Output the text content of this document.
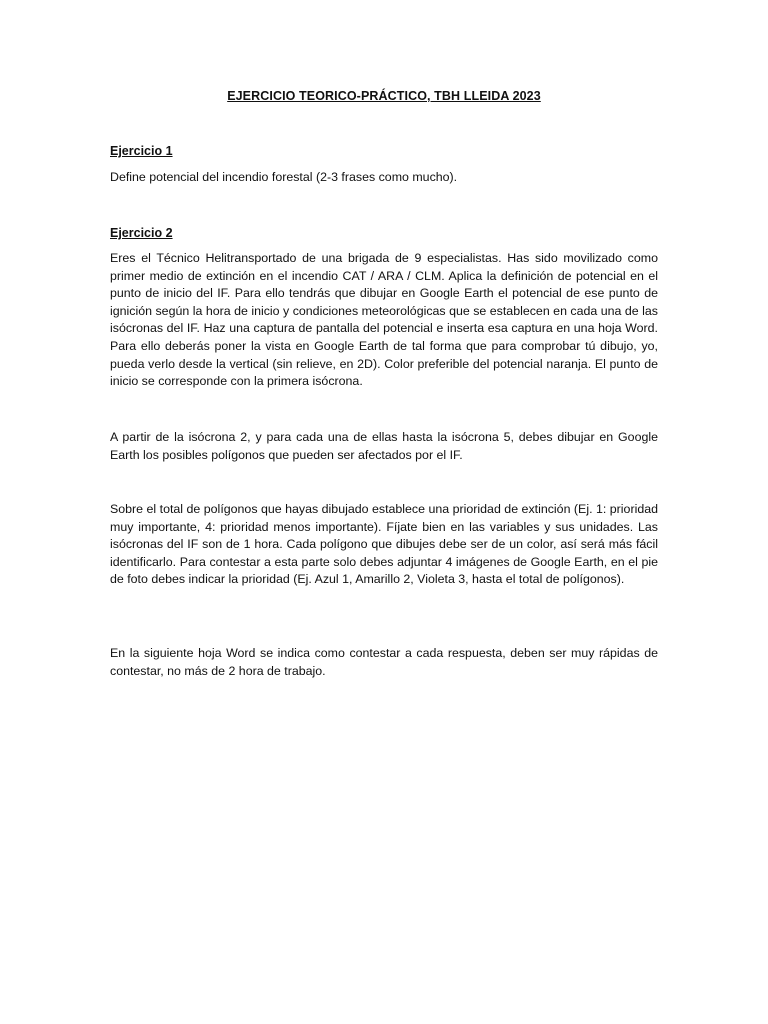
EJERCICIO TEORICO-PRÁCTICO, TBH LLEIDA 2023
Ejercicio 1

Define potencial del incendio forestal (2-3 frases como mucho).

Ejercicio 2

Eres el Técnico Helitransportado de una brigada de 9 especialistas. Has sido movilizado como primer medio de extinción en el incendio CAT / ARA / CLM. Aplica la definición de potencial en el punto de inicio del IF. Para ello tendrás que dibujar en Google Earth el potencial de ese punto de ignición según la hora de inicio y condiciones meteorológicas que se establecen en cada una de las isócronas del IF. Haz una captura de pantalla del potencial e inserta esa captura en una hoja Word. Para ello deberás poner la vista en Google Earth de tal forma que para comprobar tú dibujo, yo, pueda verlo desde la vertical (sin relieve, en 2D). Color preferible del potencial naranja. El punto de inicio se corresponde con la primera isócrona.

A partir de la isócrona 2, y para cada una de ellas hasta la isócrona 5, debes dibujar en Google Earth los posibles polígonos que pueden ser afectados por el IF.

Sobre el total de polígonos que hayas dibujado establece una prioridad de extinción (Ej. 1: prioridad muy importante, 4: prioridad menos importante). Fíjate bien en las variables y sus unidades. Las isócronas del IF son de 1 hora. Cada polígono que dibujes debe ser de un color, así será más fácil identificarlo. Para contestar a esta parte solo debes adjuntar 4 imágenes de Google Earth, en el pie de foto debes indicar la prioridad (Ej. Azul 1, Amarillo 2, Violeta 3, hasta el total de polígonos).

En la siguiente hoja Word se indica como contestar a cada respuesta, deben ser muy rápidas de contestar, no más de 2 hora de trabajo.
